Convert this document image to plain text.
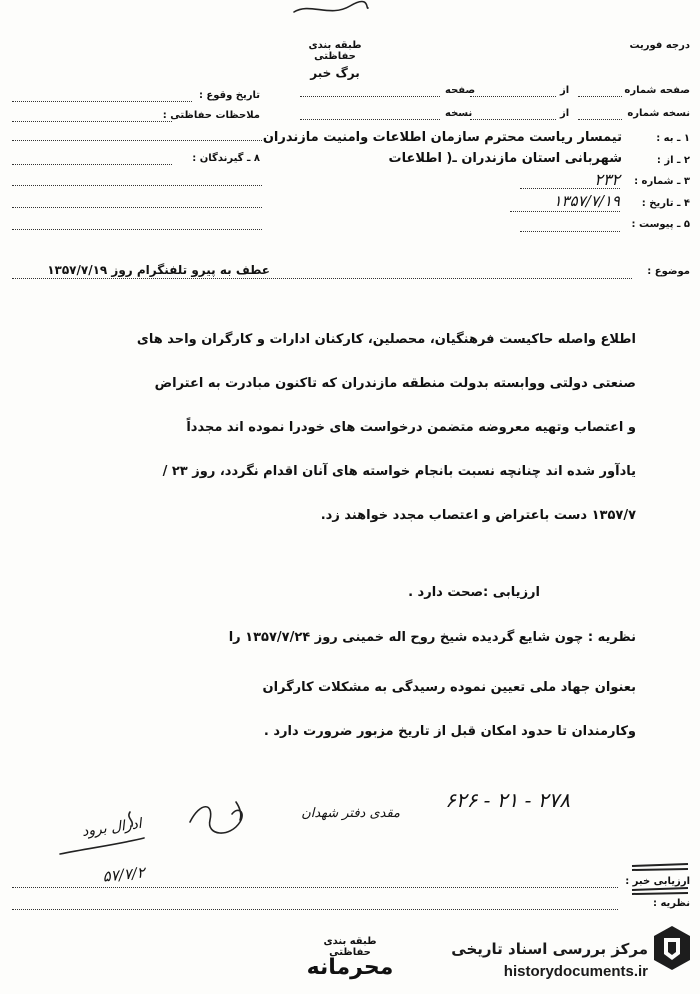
طبقه بندی حفاظتی
برگ خبر
درجه فوریت
تاریخ وقوع :
ملاحظات حفاظتی :
۸ ـ گیرندگان :
صفحه شماره
از
صفحه
نسخه شماره
از
نسخه
۱ ـ به :
تیمسار ریاست محترم سازمان اطلاعات وامنیت مازندران
۲ ـ از :
شهربانی استان مازندران ـ( اطلاعات
۳ ـ شماره :
۲۳۲
۴ ـ تاریخ :
۱۳۵۷/۷/۱۹
۵ ـ پیوست :
موضوع :
عطف به پیرو تلفنگرام روز ۱۳۵۷/۷/۱۹
اطلاع واصله حاکیست فرهنگیان، محصلین، کارکنان ادارات و کارگران واحد های
صنعتی دولتی ووابسته بدولت منطقه مازندران که تاکنون مبادرت به اعتراض
و اعتصاب وتهیه معروضه متضمن درخواست های خودرا نموده اند مجدداً
یادآور شده اند چنانچه نسبت بانجام خواسته های آنان اقدام نگردد، روز ۲۳ /
۱۳۵۷/۷ دست باعتراض و اعتصاب مجدد خواهند زد.
ارزیابی :صحت دارد .
نظریه : چون شایع گردیده شیخ روح اله خمینی روز ۱۳۵۷/۷/۲۴ را
بعنوان جهاد ملی تعیین نموده رسیدگی به مشکلات کارگران
وکارمندان تا حدود امکان قبل از تاریخ مزبور ضرورت دارد .
۲۷۸ - ۲۱ - ۶۲۶
مقدی دفتر شهدان
ادرال برود
۵۷/۷/۲	ارزیابی خبر :
نظریه :
طبقه بندی حفاظتی
محرمانه
مرکز بررسی اسناد تاریخی
historydocuments.ir
